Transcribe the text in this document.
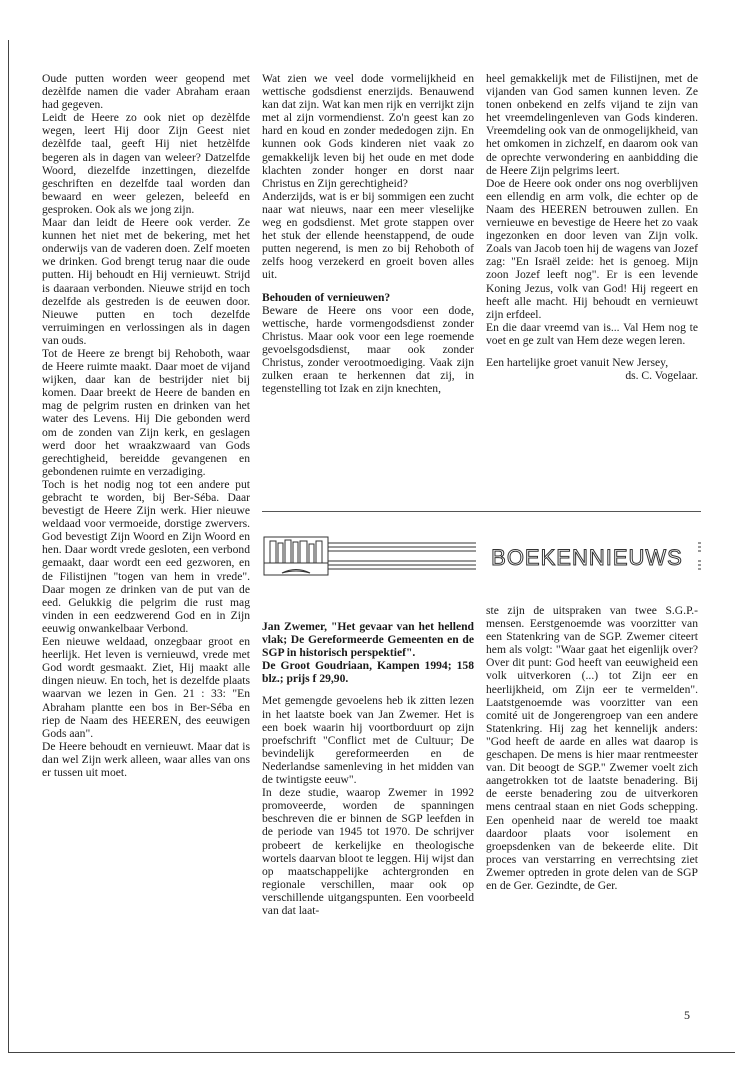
Oude putten worden weer geopend met dezèlfde namen die vader Abraham eraan had gegeven.

Leidt de Heere zo ook niet op dezèlfde wegen, leert Hij door Zijn Geest niet dezèlfde taal, geeft Hij niet hetzèlfde begeren als in dagen van weleer? Datzelfde Woord, diezelfde inzettingen, diezelfde geschriften en dezelfde taal worden dan bewaard en weer gelezen, beleefd en gesproken. Ook als we jong zijn.

Maar dan leidt de Heere ook verder. Ze kunnen het niet met de bekering, met het onderwijs van de vaderen doen. Zelf moeten we drinken. God brengt terug naar die oude putten. Hij behoudt en Hij vernieuwt. Strijd is daaraan verbonden. Nieuwe strijd en toch dezelfde als gestreden is de eeuwen door. Nieuwe putten en toch dezelfde verruimingen en verlossingen als in dagen van ouds.

Tot de Heere ze brengt bij Rehoboth, waar de Heere ruimte maakt. Daar moet de vijand wijken, daar kan de bestrijder niet bij komen. Daar breekt de Heere de banden en mag de pelgrim rusten en drinken van het water des Levens. Hij Die gebonden werd om de zonden van Zijn kerk, en geslagen werd door het wraakzwaard van Gods gerechtigheid, bereidde gevangenen en gebondenen ruimte en verzadiging.

Toch is het nodig nog tot een andere put gebracht te worden, bij Ber-Séba. Daar bevestigt de Heere Zijn werk. Hier nieuwe weldaad voor vermoeide, dorstige zwervers. God bevestigt Zijn Woord en Zijn Woord en hen. Daar wordt vrede gesloten, een verbond gemaakt, daar wordt een eed gezworen, en de Filistijnen "togen van hem in vrede". Daar mogen ze drinken van de put van de eed. Gelukkig die pelgrim die rust mag vinden in een eedzwerend God en in Zijn eeuwig onwankelbaar Verbond.

Een nieuwe weldaad, onzegbaar groot en heerlijk. Het leven is vernieuwd, vrede met God wordt gesmaakt. Ziet, Hij maakt alle dingen nieuw. En toch, het is dezelfde plaats waarvan we lezen in Gen. 21 : 33: "En Abraham plantte een bos in Ber-Séba en riep de Naam des HEEREN, des eeuwigen Gods aan".

De Heere behoudt en vernieuwt. Maar dat is dan wel Zijn werk alleen, waar alles van ons er tussen uit moet.

Wat zien we veel dode vormelijkheid en wettische godsdienst enerzijds. Benauwend kan dat zijn. Wat kan men rijk en verrijkt zijn met al zijn vormendienst. Zo'n geest kan zo hard en koud en zonder mededogen zijn. En kunnen ook Gods kinderen niet vaak zo gemakkelijk leven bij het oude en met dode klachten zonder honger en dorst naar Christus en Zijn gerechtigheid?

Anderzijds, wat is er bij sommigen een zucht naar wat nieuws, naar een meer vleselijke weg en godsdienst. Met grote stappen over het stuk der ellende heenstappend, de oude putten negerend, is men zo bij Rehoboth of zelfs hoog verzekerd en groeit boven alles uit.

Behouden of vernieuwen?

Beware de Heere ons voor een dode, wettische, harde vormengodsdienst zonder Christus. Maar ook voor een lege roemende gevoelsgodsdienst, maar ook zonder Christus, zonder verootmoediging. Vaak zijn zulken eraan te herkennen dat zij, in tegenstelling tot Izak en zijn knechten,

heel gemakkelijk met de Filistijnen, met de vijanden van God samen kunnen leven. Ze tonen onbekend en zelfs vijand te zijn van het vreemdelingenleven van Gods kinderen. Vreemdeling ook van de onmogelijkheid, van het omkomen in zichzelf, en daarom ook van de oprechte verwondering en aanbidding die de Heere Zijn pelgrims leert.

Doe de Heere ook onder ons nog overblijven een ellendig en arm volk, die echter op de Naam des HEEREN betrouwen zullen. En vernieuwe en bevestige de Heere het zo vaak ingezonken en door leven van Zijn volk. Zoals van Jacob toen hij de wagens van Jozef zag: "En Israël zeide: het is genoeg. Mijn zoon Jozef leeft nog". Er is een levende Koning Jezus, volk van God! Hij regeert en heeft alle macht. Hij behoudt en vernieuwt zijn erfdeel.

En die daar vreemd van is... Val Hem nog te voet en ge zult van Hem deze wegen leren.

Een hartelijke groet vanuit New Jersey,

ds. C. Vogelaar.

BOEKENNIEUWS

Jan Zwemer, "Het gevaar van het hellend vlak; De Gereformeerde Gemeenten en de SGP in historisch perspektief".

De Groot Goudriaan, Kampen 1994; 158 blz.; prijs f 29,90.

Met gemengde gevoelens heb ik zitten lezen in het laatste boek van Jan Zwemer. Het is een boek waarin hij voortborduurt op zijn proefschrift "Conflict met de Cultuur; De bevindelijk gereformeerden en de Nederlandse samenleving in het midden van de twintigste eeuw".

In deze studie, waarop Zwemer in 1992 promoveerde, worden de spanningen beschreven die er binnen de SGP leefden in de periode van 1945 tot 1970. De schrijver probeert de kerkelijke en theologische wortels daarvan bloot te leggen. Hij wijst dan op maatschappelijke achtergronden en regionale verschillen, maar ook op verschillende uitgangspunten. Een voorbeeld van dat laat-

ste zijn de uitspraken van twee S.G.P.-mensen. Eerstgenoemde was voorzitter van een Statenkring van de SGP. Zwemer citeert hem als volgt: "Waar gaat het eigenlijk over? Over dit punt: God heeft van eeuwigheid een volk uitverkoren (...) tot Zijn eer en heerlijkheid, om Zijn eer te vermelden". Laatstgenoemde was voorzitter van een comité uit de Jongerengroep van een andere Statenkring. Hij zag het kennelijk anders: "God heeft de aarde en alles wat daarop is geschapen. De mens is hier maar rentmeester van. Dit beoogt de SGP." Zwemer voelt zich aangetrokken tot de laatste benadering. Bij de eerste benadering zou de uitverkoren mens centraal staan en niet Gods schepping. Een openheid naar de wereld toe maakt daardoor plaats voor isolement en groepsdenken van de bekeerde elite. Dit proces van verstarring en verrechtsing ziet Zwemer optreden in grote delen van de SGP en de Ger. Gezindte, de Ger.

5
